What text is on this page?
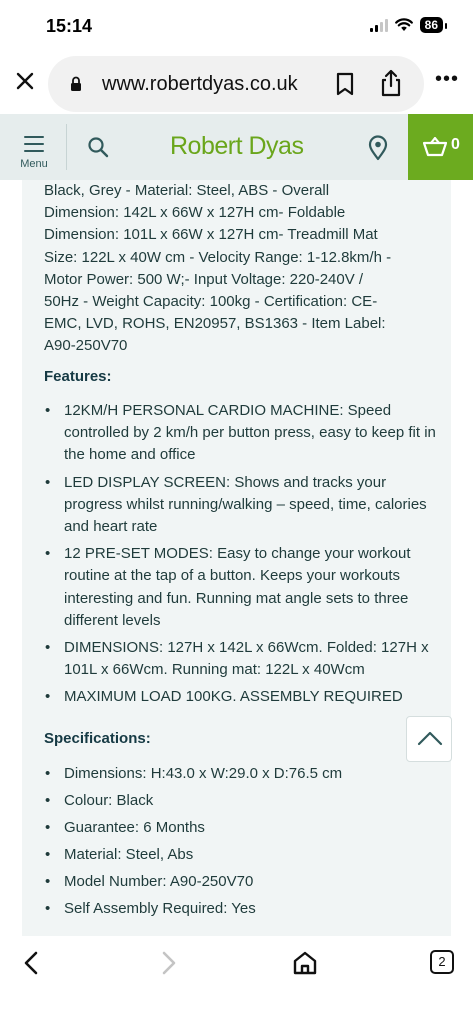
15:14	86
www.robertdyas.co.uk	•••
Menu
Robert Dyas	0
Black, Grey - Material: Steel, ABS - Overall
Dimension: 142L x 66W x 127H cm- Foldable
Dimension: 101L x 66W x 127H cm- Treadmill Mat
Size: 122L x 40W cm - Velocity Range: 1-12.8km/h -
Motor Power: 500 W;- Input Voltage: 220-240V /
50Hz - Weight Capacity: 100kg - Certification: CE-
EMC, LVD, ROHS, EN20957, BS1363 - Item Label:
A90-250V70
Features:
• 12KM/H PERSONAL CARDIO MACHINE: Speed controlled by 2 km/h per button press, easy to keep fit in the home and office
• LED DISPLAY SCREEN: Shows and tracks your progress whilst running/walking – speed, time, calories and heart rate
• 12 PRE-SET MODES: Easy to change your workout routine at the tap of a button. Keeps your workouts interesting and fun. Running mat angle sets to three different levels
• DIMENSIONS: 127H x 142L x 66Wcm. Folded: 127H x 101L x 66Wcm. Running mat: 122L x 40Wcm
• MAXIMUM LOAD 100KG. ASSEMBLY REQUIRED
Specifications:
• Dimensions: H:43.0 x W:29.0 x D:76.5 cm
• Colour: Black
• Guarantee: 6 Months
• Material: Steel, Abs
• Model Number: A90-250V70
• Self Assembly Required: Yes
2
